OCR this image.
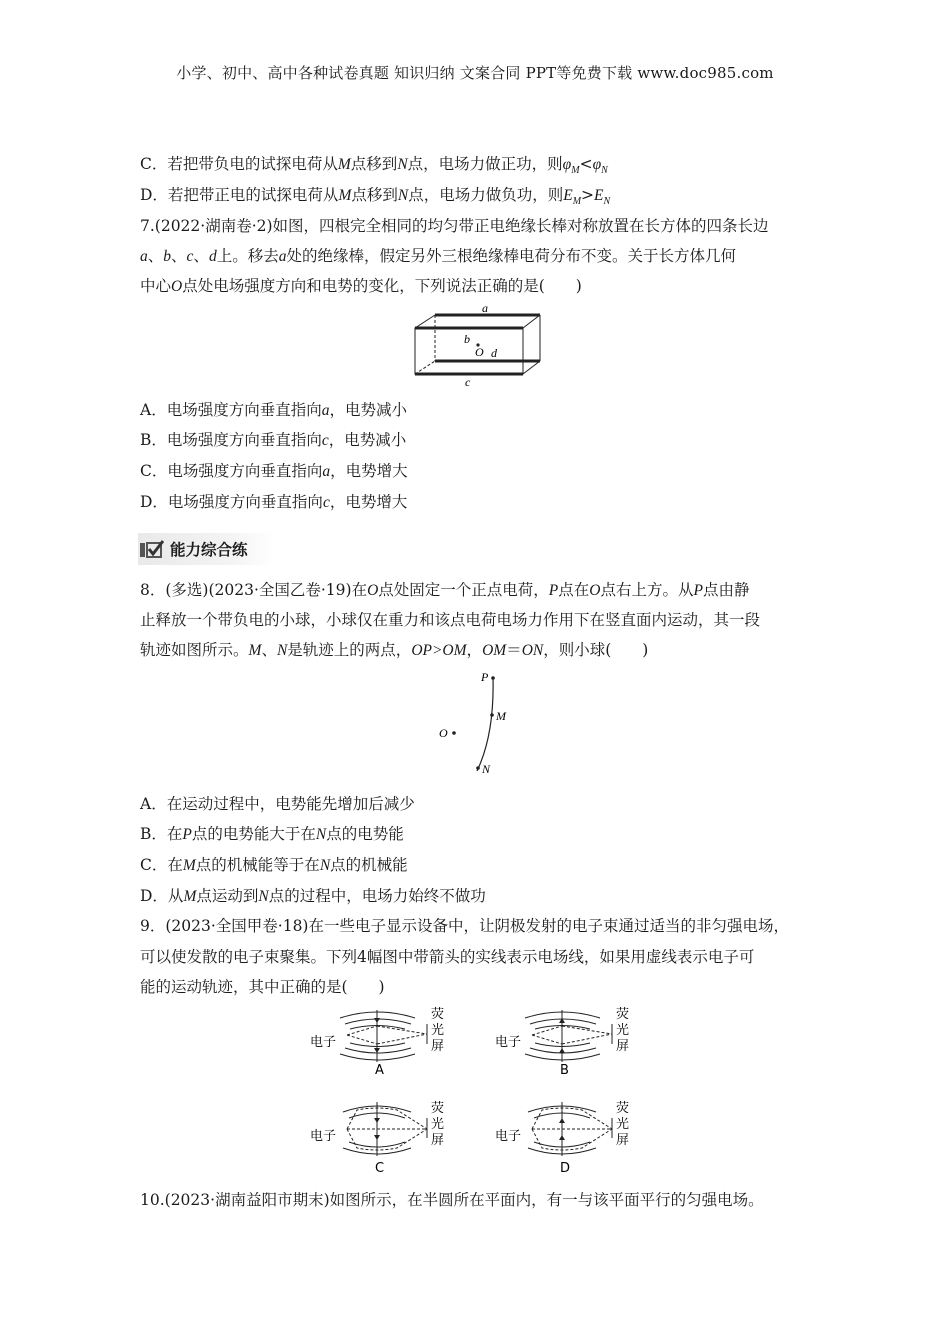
小学、初中、高中各种试卷真题 知识归纳 文案合同 PPT等免费下载 www.doc985.com
C．若把带负电的试探电荷从M点移到N点，电场力做正功，则$\varphi_M<\varphi_N$
D．若把带正电的试探电荷从M点移到N点，电场力做负功，则$E_M>E_N$
7.(2022·湖南卷·2)如图，四根完全相同的均匀带正电绝缘长棒对称放置在长方体的四条长边
a、b、c、d上。移去a处的绝缘棒，假定另外三根绝缘棒电荷分布不变。关于长方体几何
中心O点处电场强度方向和电势的变化，下列说法正确的是(　　)
a
b
O d
c
A．电场强度方向垂直指向a，电势减小
B．电场强度方向垂直指向c，电势减小
C．电场强度方向垂直指向a，电势增大
D．电场强度方向垂直指向c，电势增大
能力综合练
8．(多选)(2023·全国乙卷·19)在O点处固定一个正点电荷，P点在O点右上方。从P点由静
止释放一个带负电的小球，小球仅在重力和该点电荷电场力作用下在竖直面内运动，其一段
轨迹如图所示。M、N是轨迹上的两点，OP>OM，OM＝ON，则小球(　　)
P
M
O
N
A．在运动过程中，电势能先增加后减少
B．在P点的电势能大于在N点的电势能
C．在M点的机械能等于在N点的机械能
D．从M点运动到N点的过程中，电场力始终不做功
9．(2023·全国甲卷·18)在一些电子显示设备中，让阴极发射的电子束通过适当的非匀强电场，
可以使发散的电子束聚集。下列4幅图中带箭头的实线表示电场线，如果用虚线表示电子可
能的运动轨迹，其中正确的是(　　)
电子
荧
光
屏
A
电子
荧
光
屏
B
电子
荧
光
屏
C
电子
荧
光
屏
D
10.(2023·湖南益阳市期末)如图所示，在半圆所在平面内，有一与该平面平行的匀强电场。
